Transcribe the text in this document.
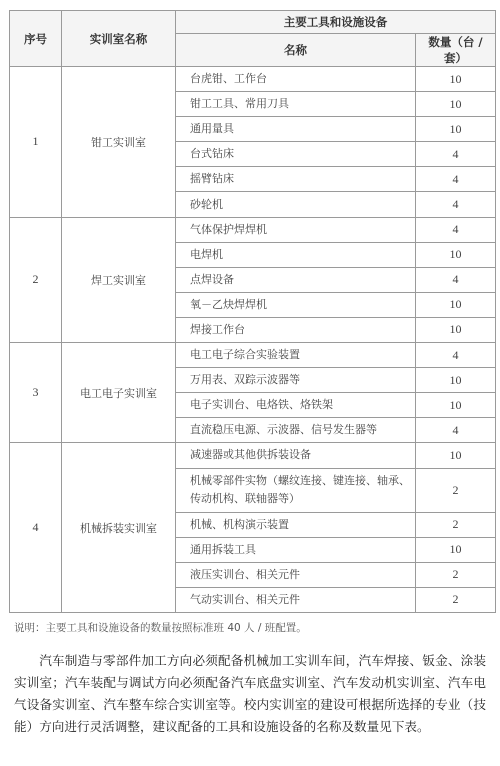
序号	实训室名称	主要工具和设施设备	
		名称	数量（台 / 套）
1	钳工实训室	台虎钳、工作台	10
		钳工工具、常用刀具	10
		通用量具	10
		台式钻床	4
		摇臂钻床	4
		砂轮机	4
2	焊工实训室	气体保护焊焊机	4
		电焊机	10
		点焊设备	4
		氧－乙炔焊焊机	10
		焊接工作台	10
3	电工电子实训室	电工电子综合实验装置	4
		万用表、双踪示波器等	10
		电子实训台、电烙铁、烙铁架	10
		直流稳压电源、示波器、信号发生器等	4
4	机械拆装实训室	减速器或其他供拆装设备	10
		机械零部件实物（螺纹连接、键连接、轴承、传动机构、联轴器等）	2
		机械、机构演示装置	2
		通用拆装工具	10
		液压实训台、相关元件	2
		气动实训台、相关元件	2
说明：主要工具和设施设备的数量按照标准班 40 人 / 班配置。

汽车制造与零部件加工方向必须配备机械加工实训车间，汽车焊接、钣金、涂装实训室；汽车装配与调试方向必须配备汽车底盘实训室、汽车发动机实训室、汽车电气设备实训室、汽车整车综合实训室等。校内实训室的建设可根据所选择的专业（技能）方向进行灵活调整，建议配备的工具和设施设备的名称及数量见下表。
